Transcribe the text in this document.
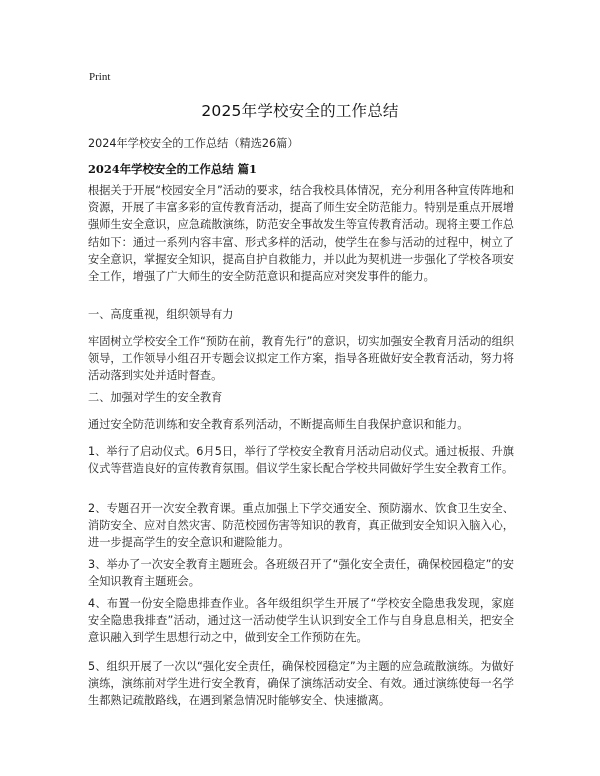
Print
2025年学校安全的工作总结
2024年学校安全的工作总结（精选26篇）
2024年学校安全的工作总结 篇1

根据关于开展“校园安全月”活动的要求，结合我校具体情况，充分利用各种宣传阵地和资源，开展了丰富多彩的宣传教育活动，提高了师生安全防范能力。特别是重点开展增强师生安全意识，应急疏散演练，防范安全事故发生等宣传教育活动。现将主要工作总结如下：通过一系列内容丰富、形式多样的活动，使学生在参与活动的过程中，树立了安全意识，掌握安全知识，提高自护自救能力，并以此为契机进一步强化了学校各项安全工作，增强了广大师生的安全防范意识和提高应对突发事件的能力。

一、高度重视，组织领导有力

牢固树立学校安全工作“预防在前，教育先行”的意识，切实加强安全教育月活动的组织领导，工作领导小组召开专题会议拟定工作方案，指导各班做好安全教育活动，努力将活动落到实处并适时督查。

二、加强对学生的安全教育

通过安全防范训练和安全教育系列活动，不断提高师生自我保护意识和能力。

1、举行了启动仪式。6月5日，举行了学校安全教育月活动启动仪式。通过板报、升旗仪式等营造良好的宣传教育氛围。倡议学生家长配合学校共同做好学生安全教育工作。

2、专题召开一次安全教育课。重点加强上下学交通安全、预防溺水、饮食卫生安全、消防安全、应对自然灾害、防范校园伤害等知识的教育，真正做到安全知识入脑入心，进一步提高学生的安全意识和避险能力。

3、举办了一次安全教育主题班会。各班级召开了“强化安全责任，确保校园稳定”的安全知识教育主题班会。

4、布置一份安全隐患排查作业。各年级组织学生开展了“学校安全隐患我发现，家庭安全隐患我排查”活动，通过这一活动使学生认识到安全工作与自身息息相关，把安全意识融入到学生思想行动之中，做到安全工作预防在先。

5、组织开展了一次以“强化安全责任，确保校园稳定”为主题的应急疏散演练。为做好演练，演练前对学生进行安全教育，确保了演练活动安全、有效。通过演练使每一名学生都熟记疏散路线，在遇到紧急情况时能够安全、快速撤离。
